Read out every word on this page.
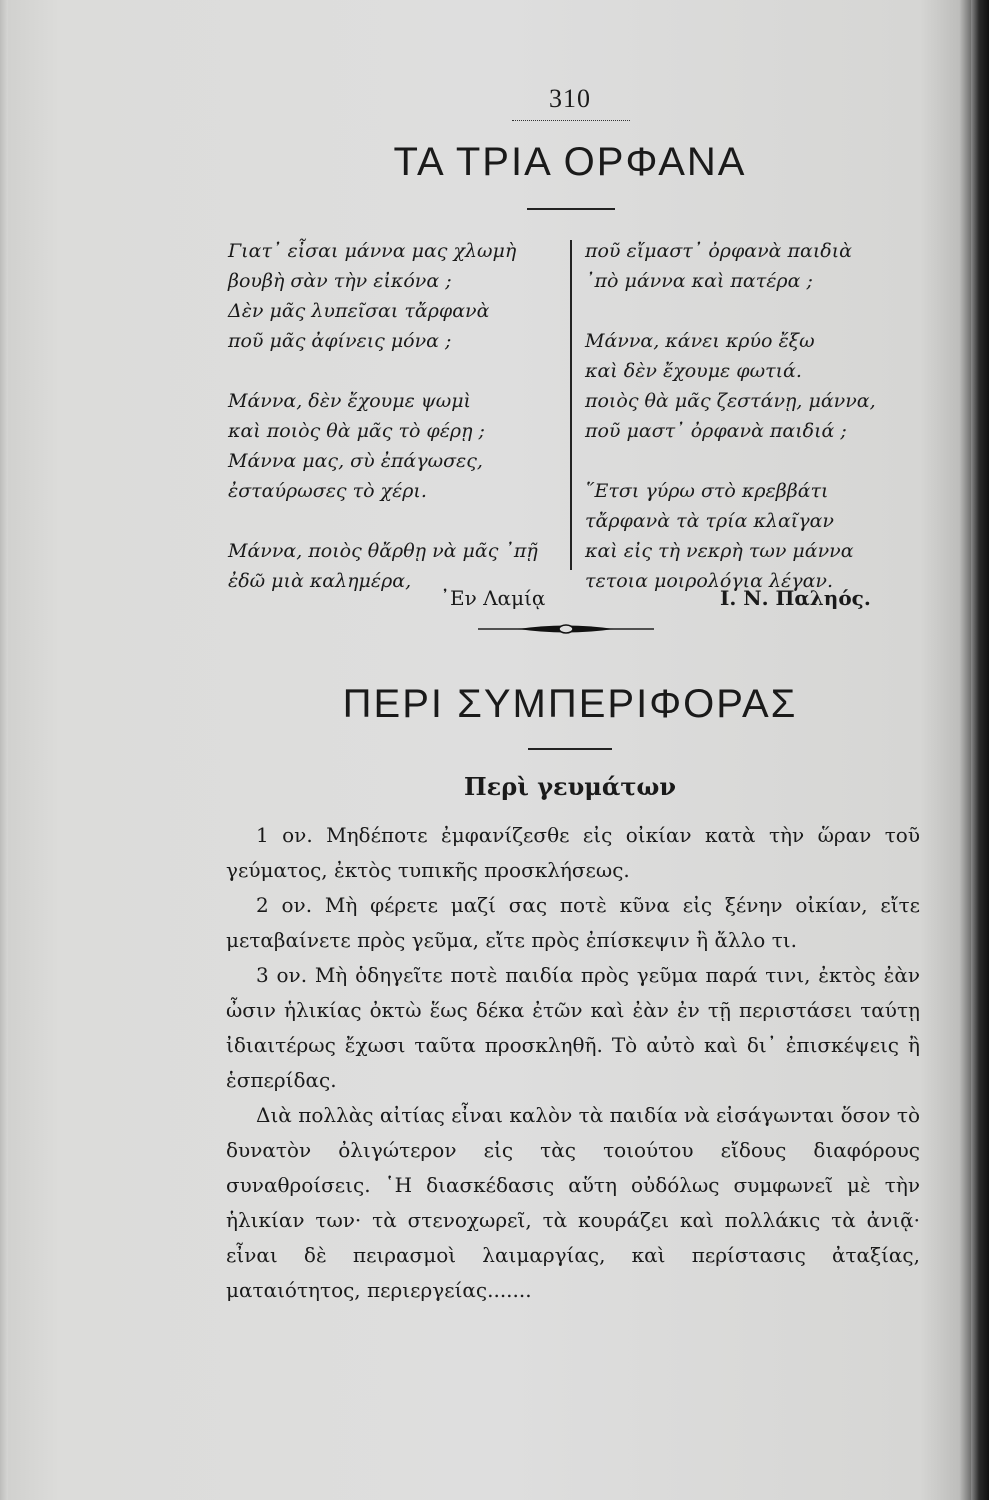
310
ΤΑ ΤΡΙΑ ΟΡΦΑΝΑ
Γιατ᾽ εἶσαι μάννα μας χλωμὴ
βουβὴ σὰν τὴν εἰκόνα ;
Δὲν μᾶς λυπεῖσαι τἄρφανὰ
ποῦ μᾶς ἀφίνεις μόνα ;
Μάννα, δὲν ἔχουμε ψωμὶ
καὶ ποιὸς θὰ μᾶς τὸ φέρῃ ;
Μάννα μας, σὺ ἐπάγωσες,
ἐσταύρωσες τὸ χέρι.
Μάννα, ποιὸς θἄρθῃ νὰ μᾶς ᾽πῇ
ἐδῶ μιὰ καλημέρα,
ποῦ εἴμαστ᾽ ὀρφανὰ παιδιὰ
᾽πὸ μάννα καὶ πατέρα ;
Μάννα, κάνει κρύο ἔξω
καὶ δὲν ἔχουμε φωτιά.
ποιὸς θὰ μᾶς ζεστάνῃ, μάννα,
ποῦ μαστ᾽ ὀρφανὰ παιδιά ;
῞Ετσι γύρω στὸ κρεββάτι
τἄρφανὰ τὰ τρία κλαῖγαν
καὶ εἰς τὴ νεκρὴ των μάννα
τετοια μοιρολόγια λέγαν.
᾽Εν Λαμίᾳ	Ι. Ν. Παληός.
ΠΕΡΙ ΣΥΜΠΕΡΙΦΟΡΑΣ
Περὶ γευμάτων

1 ον. Μηδέποτε ἐμφανίζεσθε εἰς οἰκίαν κατὰ τὴν ὥραν τοῦ γεύματος, ἐκτὸς τυπικῆς προσκλήσεως.

2 ον. Μὴ φέρετε μαζί σας ποτὲ κῦνα εἰς ξένην οἰκίαν, εἴτε μεταβαίνετε πρὸς γεῦμα, εἴτε πρὸς ἐπίσκεψιν ἢ ἄλλο τι.

3 ον. Μὴ ὁδηγεῖτε ποτὲ παιδία πρὸς γεῦμα παρά τινι, ἐκτὸς ἐὰν ὦσιν ἡλικίας ὀκτὼ ἕως δέκα ἐτῶν καὶ ἐὰν ἐν τῇ περιστάσει ταύτῃ ἰδιαιτέρως ἔχωσι ταῦτα προσκληθῆ. Τὸ αὐτὸ καὶ δι᾽ ἐπισκέψεις ἢ ἑσπερίδας.

Διὰ πολλὰς αἰτίας εἶναι καλὸν τὰ παιδία νὰ εἰσάγωνται ὅσον τὸ δυνατὸν ὀλιγώτερον εἰς τὰς τοιούτου εἴδους διαφόρους συναθροίσεις. ῾Η διασκέδασις αὕτη οὐδόλως συμφωνεῖ μὲ τὴν ἡλικίαν των· τὰ στενοχωρεῖ, τὰ κουράζει καὶ πολλάκις τὰ ἀνιᾷ· εἶναι δὲ πειρασμοὶ λαιμαργίας, καὶ περίστασις ἀταξίας, ματαιότητος, περιεργείας.......
